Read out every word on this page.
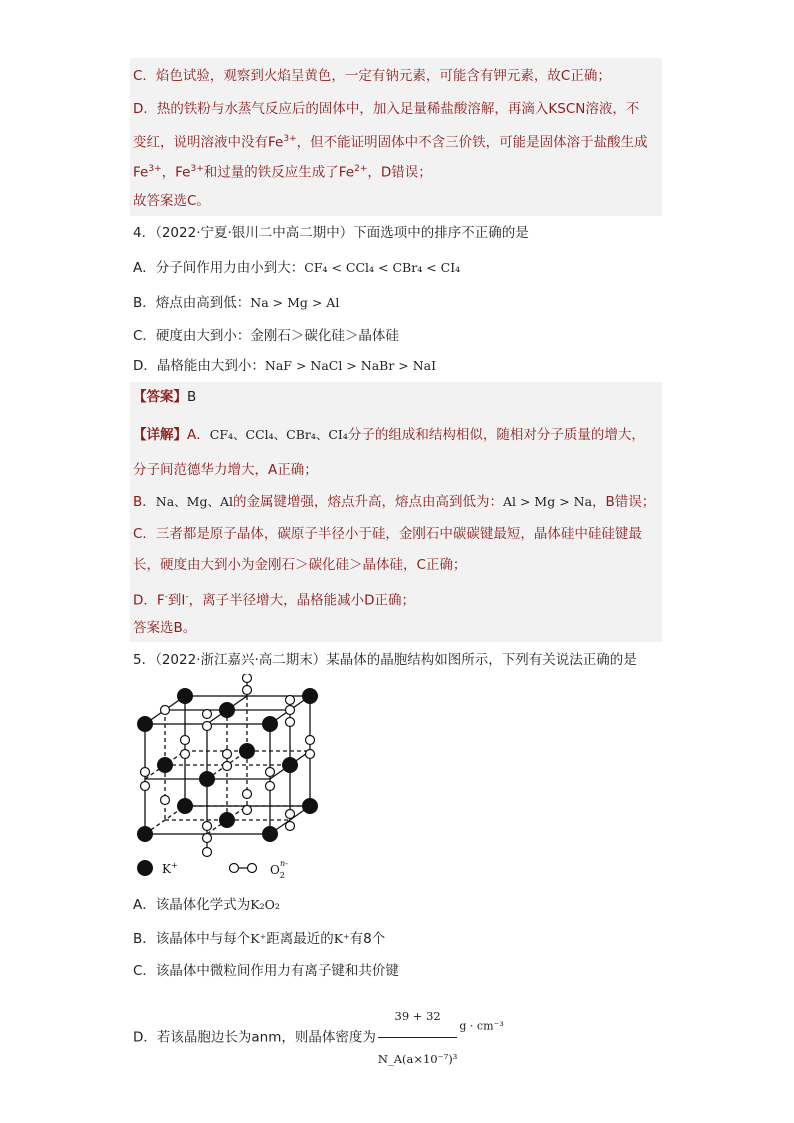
C．焰色试验，观察到火焰呈黄色，一定有钠元素，可能含有钾元素，故C正确；
D．热的铁粉与水蒸气反应后的固体中，加入足量稀盐酸溶解，再滴入KSCN溶液，不
变红，说明溶液中没有$Fe^{3+}$，但不能证明固体中不含三价铁，可能是固体溶于盐酸生成
$Fe^{3+}$，$Fe^{3+}$和过量的铁反应生成了$Fe^{2+}$，D错误；
故答案选C。
4．（2022·宁夏·银川二中高二期中）下面选项中的排序不正确的是
A．分子间作用力由小到大：CF₄ < CCl₄ < CBr₄ < CI₄
B．熔点由高到低：Na > Mg > Al
C．硬度由大到小：金刚石＞碳化硅＞晶体硅
D．晶格能由大到小：NaF > NaCl > NaBr > NaI
【答案】B
【详解】A．CF₄、CCl₄、CBr₄、CI₄分子的组成和结构相似，随相对分子质量的增大，
分子间范德华力增大，A正确；
B．Na、Mg、Al的金属键增强，熔点升高，熔点由高到低为：Al > Mg > Na，B错误；
C．三者都是原子晶体，碳原子半径小于硅，金刚石中碳碳键最短，晶体硅中硅硅键最
长，硬度由大到小为金刚石＞碳化硅＞晶体硅，C正确；
D．F-到I-，离子半径增大，晶格能减小D正确；
答案选B。
5．（2022·浙江嘉兴·高二期末）某晶体的晶胞结构如图所示，下列有关说法正确的是
K+	$O_2n-$
A．该晶体化学式为K₂O₂
B．该晶体中与每个K⁺距离最近的K⁺有8个
C．该晶体中微粒间作用力有离子键和共价键
D．若该晶胞边长为anm，则晶体密度为 $\frac{39 + 32}{\text{N\_A(a×10⁻⁷)³}} ^{g \cdot cm^{-3}}$
